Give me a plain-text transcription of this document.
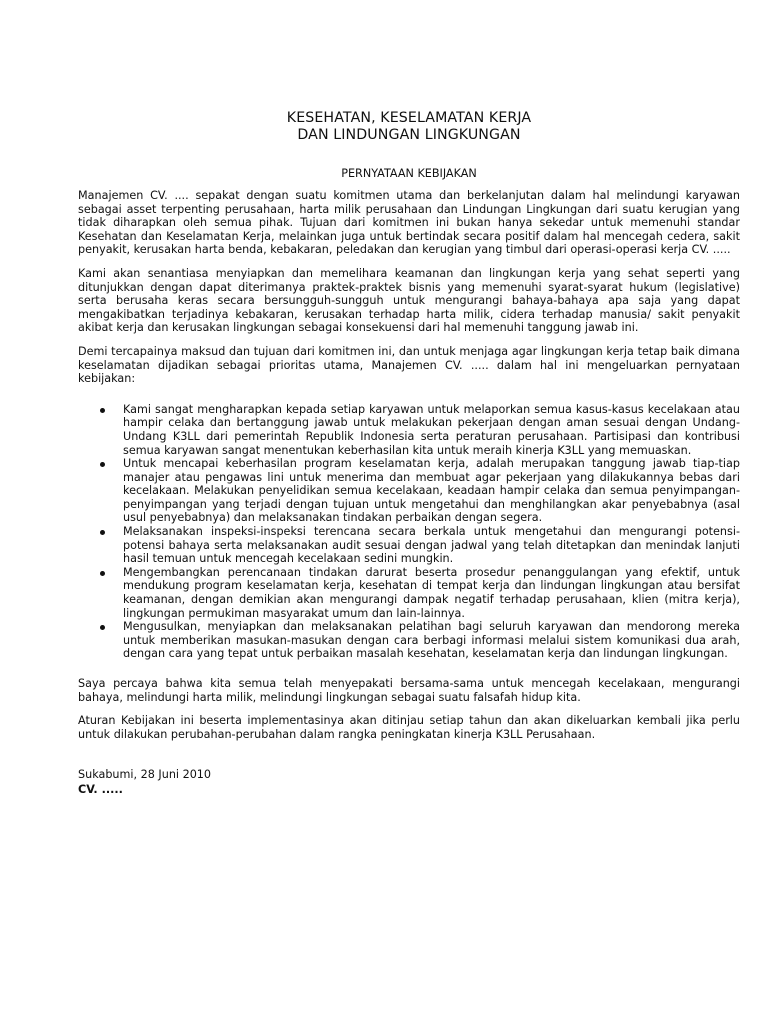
KESEHATAN, KESELAMATAN KERJA
DAN LINDUNGAN LINGKUNGAN
PERNYATAAN KEBIJAKAN

Manajemen CV. .... sepakat dengan suatu komitmen utama dan berkelanjutan dalam hal melindungi karyawan sebagai asset terpenting perusahaan, harta milik perusahaan dan Lindungan Lingkungan dari suatu kerugian yang tidak diharapkan oleh semua pihak. Tujuan dari komitmen ini bukan hanya sekedar untuk memenuhi standar Kesehatan dan Keselamatan Kerja, melainkan juga untuk bertindak secara positif dalam hal mencegah cedera, sakit penyakit, kerusakan harta benda, kebakaran, peledakan dan kerugian yang timbul dari operasi-operasi kerja CV. .....

Kami akan senantiasa menyiapkan dan memelihara keamanan dan lingkungan kerja yang sehat seperti yang ditunjukkan dengan dapat diterimanya praktek-praktek bisnis yang memenuhi syarat-syarat hukum (legislative) serta berusaha keras secara bersungguh-sungguh untuk mengurangi bahaya-bahaya apa saja yang dapat mengakibatkan terjadinya kebakaran, kerusakan terhadap harta milik, cidera terhadap manusia/ sakit penyakit akibat kerja dan kerusakan lingkungan sebagai konsekuensi dari hal memenuhi tanggung jawab ini.

Demi tercapainya maksud dan tujuan dari komitmen ini, dan untuk menjaga agar lingkungan kerja tetap baik dimana keselamatan dijadikan sebagai prioritas utama, Manajemen CV. ..... dalam hal ini mengeluarkan pernyataan kebijakan:

Kami sangat mengharapkan kepada setiap karyawan untuk melaporkan semua kasus-kasus kecelakaan atau hampir celaka dan bertanggung jawab untuk melakukan pekerjaan dengan aman sesuai dengan Undang-Undang K3LL dari pemerintah Republik Indonesia serta peraturan perusahaan. Partisipasi dan kontribusi semua karyawan sangat menentukan keberhasilan kita untuk meraih kinerja K3LL yang memuaskan.
Untuk mencapai keberhasilan program keselamatan kerja, adalah merupakan tanggung jawab tiap-tiap manajer atau pengawas lini untuk menerima dan membuat agar pekerjaan yang dilakukannya bebas dari kecelakaan. Melakukan penyelidikan semua kecelakaan, keadaan hampir celaka dan semua penyimpangan-penyimpangan yang terjadi dengan tujuan untuk mengetahui dan menghilangkan akar penyebabnya (asal usul penyebabnya) dan melaksanakan tindakan perbaikan dengan segera.
Melaksanakan inspeksi-inspeksi terencana secara berkala untuk mengetahui dan mengurangi potensi-potensi bahaya serta melaksanakan audit sesuai dengan jadwal yang telah ditetapkan dan menindak lanjuti hasil temuan untuk mencegah kecelakaan sedini mungkin.
Mengembangkan perencanaan tindakan darurat beserta prosedur penanggulangan yang efektif, untuk mendukung program keselamatan kerja, kesehatan di tempat kerja dan lindungan lingkungan atau bersifat keamanan, dengan demikian akan mengurangi dampak negatif terhadap perusahaan, klien (mitra kerja), lingkungan permukiman masyarakat umum dan lain-lainnya.
Mengusulkan, menyiapkan dan melaksanakan pelatihan bagi seluruh karyawan dan mendorong mereka untuk memberikan masukan-masukan dengan cara berbagi informasi melalui sistem komunikasi dua arah, dengan cara yang tepat untuk perbaikan masalah kesehatan, keselamatan kerja dan lindungan lingkungan.

Saya percaya bahwa kita semua telah menyepakati bersama-sama untuk mencegah kecelakaan, mengurangi bahaya, melindungi harta milik, melindungi lingkungan sebagai suatu falsafah hidup kita.

Aturan Kebijakan ini beserta implementasinya akan ditinjau setiap tahun dan akan dikeluarkan kembali jika perlu untuk dilakukan perubahan-perubahan dalam rangka peningkatan kinerja K3LL Perusahaan.

Sukabumi, 28 Juni 2010
CV. .....
